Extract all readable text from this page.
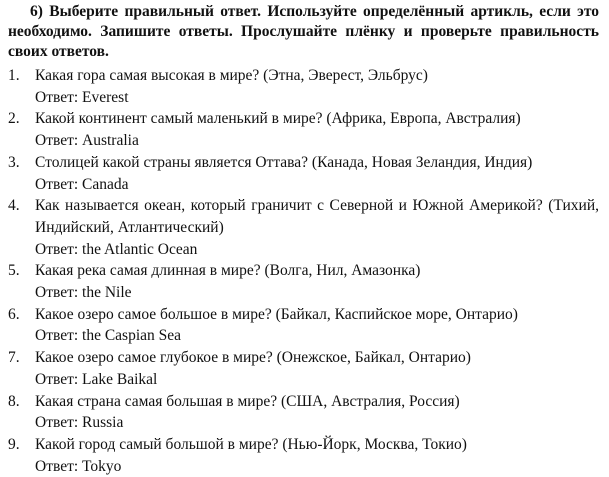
6) Выберите правильный ответ. Используйте определённый артикль, если это необходимо. Запишите ответы. Прослушайте плёнку и проверьте правильность своих ответов.

1. Какая гора самая высокая в мире? (Этна, Эверест, Эльбрус)
Ответ: Everest
2. Какой континент самый маленький в мире? (Африка, Европа, Австралия)
Ответ: Australia
3. Столицей какой страны является Оттава? (Канада, Новая Зеландия, Индия)
Ответ: Canada
4. Как называется океан, который граничит с Северной и Южной Америкой? (Тихий, Индийский, Атлантический)
Ответ: the Atlantic Ocean
5. Какая река самая длинная в мире? (Волга, Нил, Амазонка)
Ответ: the Nile
6. Какое озеро самое большое в мире? (Байкал, Каспийское море, Онтарио)
Ответ: the Caspian Sea
7. Какое озеро самое глубокое в мире? (Онежское, Байкал, Онтарио)
Ответ: Lake Baikal
8. Какая страна самая большая в мире? (США, Австралия, Россия)
Ответ: Russia
9. Какой город самый большой в мире? (Нью-Йорк, Москва, Токио)
Ответ: Tokyo
